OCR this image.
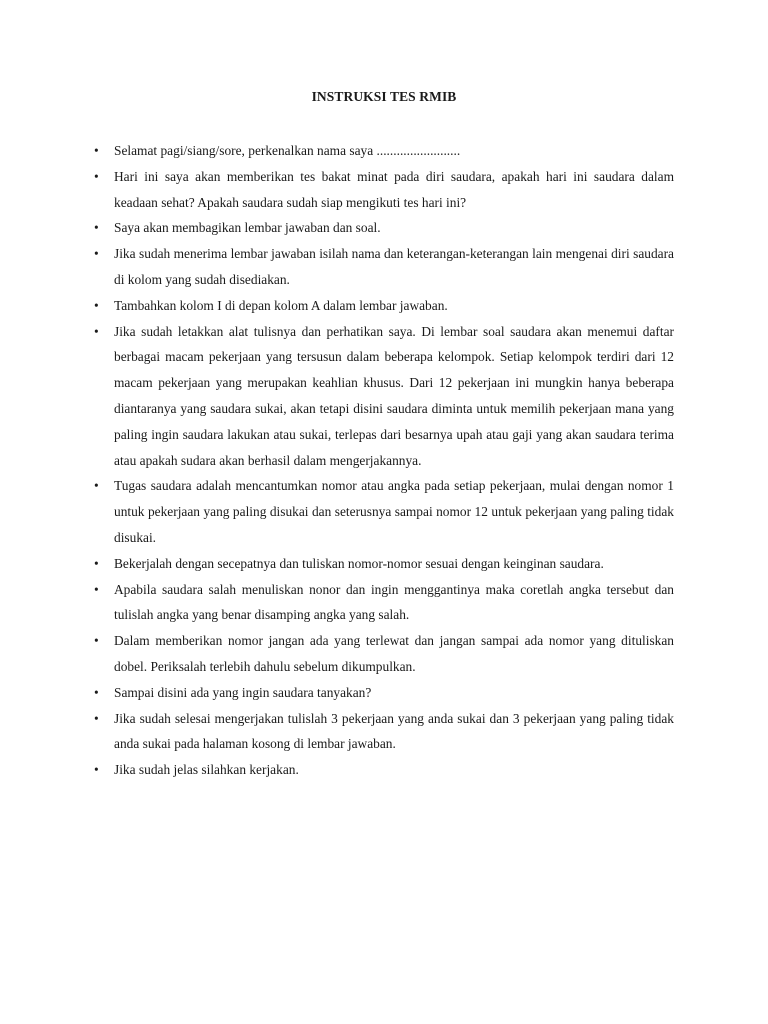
INSTRUKSI TES RMIB
• Selamat pagi/siang/sore, perkenalkan nama saya .........................
• Hari ini saya akan memberikan tes bakat minat pada diri saudara, apakah hari ini saudara dalam keadaan sehat? Apakah saudara sudah siap mengikuti tes hari ini?
• Saya akan membagikan lembar jawaban dan soal.
• Jika sudah menerima lembar jawaban isilah nama dan keterangan-keterangan lain mengenai diri saudara di kolom yang sudah disediakan.
• Tambahkan kolom I di depan kolom A dalam lembar jawaban.
• Jika sudah letakkan alat tulisnya dan perhatikan saya. Di lembar soal saudara akan menemui daftar berbagai macam pekerjaan yang tersusun dalam beberapa kelompok. Setiap kelompok terdiri dari 12 macam pekerjaan yang merupakan keahlian khusus. Dari 12 pekerjaan ini mungkin hanya beberapa diantaranya yang saudara sukai, akan tetapi disini saudara diminta untuk memilih pekerjaan mana yang paling ingin saudara lakukan atau sukai, terlepas dari besarnya upah atau gaji yang akan saudara terima atau apakah sudara akan berhasil dalam mengerjakannya.
• Tugas saudara adalah mencantumkan nomor atau angka pada setiap pekerjaan, mulai dengan nomor 1 untuk pekerjaan yang paling disukai dan seterusnya sampai nomor 12 untuk pekerjaan yang paling tidak disukai.
• Bekerjalah dengan secepatnya dan tuliskan nomor-nomor sesuai dengan keinginan saudara.
• Apabila saudara salah menuliskan nonor dan ingin menggantinya maka coretlah angka tersebut dan tulislah angka yang benar disamping angka yang salah.
• Dalam memberikan nomor jangan ada yang terlewat dan jangan sampai ada nomor yang dituliskan dobel. Periksalah terlebih dahulu sebelum dikumpulkan.
• Sampai disini ada yang ingin saudara tanyakan?
• Jika sudah selesai mengerjakan tulislah 3 pekerjaan yang anda sukai dan 3 pekerjaan yang paling tidak anda sukai pada halaman kosong di lembar jawaban.
• Jika sudah jelas silahkan kerjakan.
